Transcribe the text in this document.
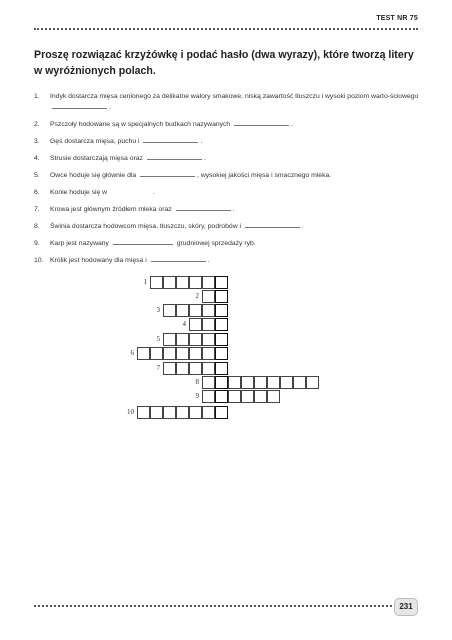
TEST NR 75
Proszę rozwiązać krzyżówkę i podać hasło (dwa wyrazy), które tworzą litery w wyróżnionych polach.
1. Indyk dostarcza mięsa cenionego za delikatne walory smakowe, niską zawartość tłuszczu i wysoki poziom warto-ściowego .
2. Pszczoły hodowane są w specjalnych budkach nazywanych	.
3. Gęś dostarcza mięsa, puchu i	.
4. Strusie dostarczają mięsa oraz	.
5. Owce hoduje się głównie dla	, wysokiej jakości mięsa i smacznego mleka.
6. Konie hoduje się w	.
7. Krowa jest głównym źródłem mleka oraz	.
8. Świnia dostarcza hodowcom mięsa, tłuszczu, skóry, podrobów i	.
9. Karp jest nazywany	grudniowej sprzedaży ryb.
10. Królik jest hodowany dla mięsa i	.
1
2
3
4
5
6
7
8
9
10
231
